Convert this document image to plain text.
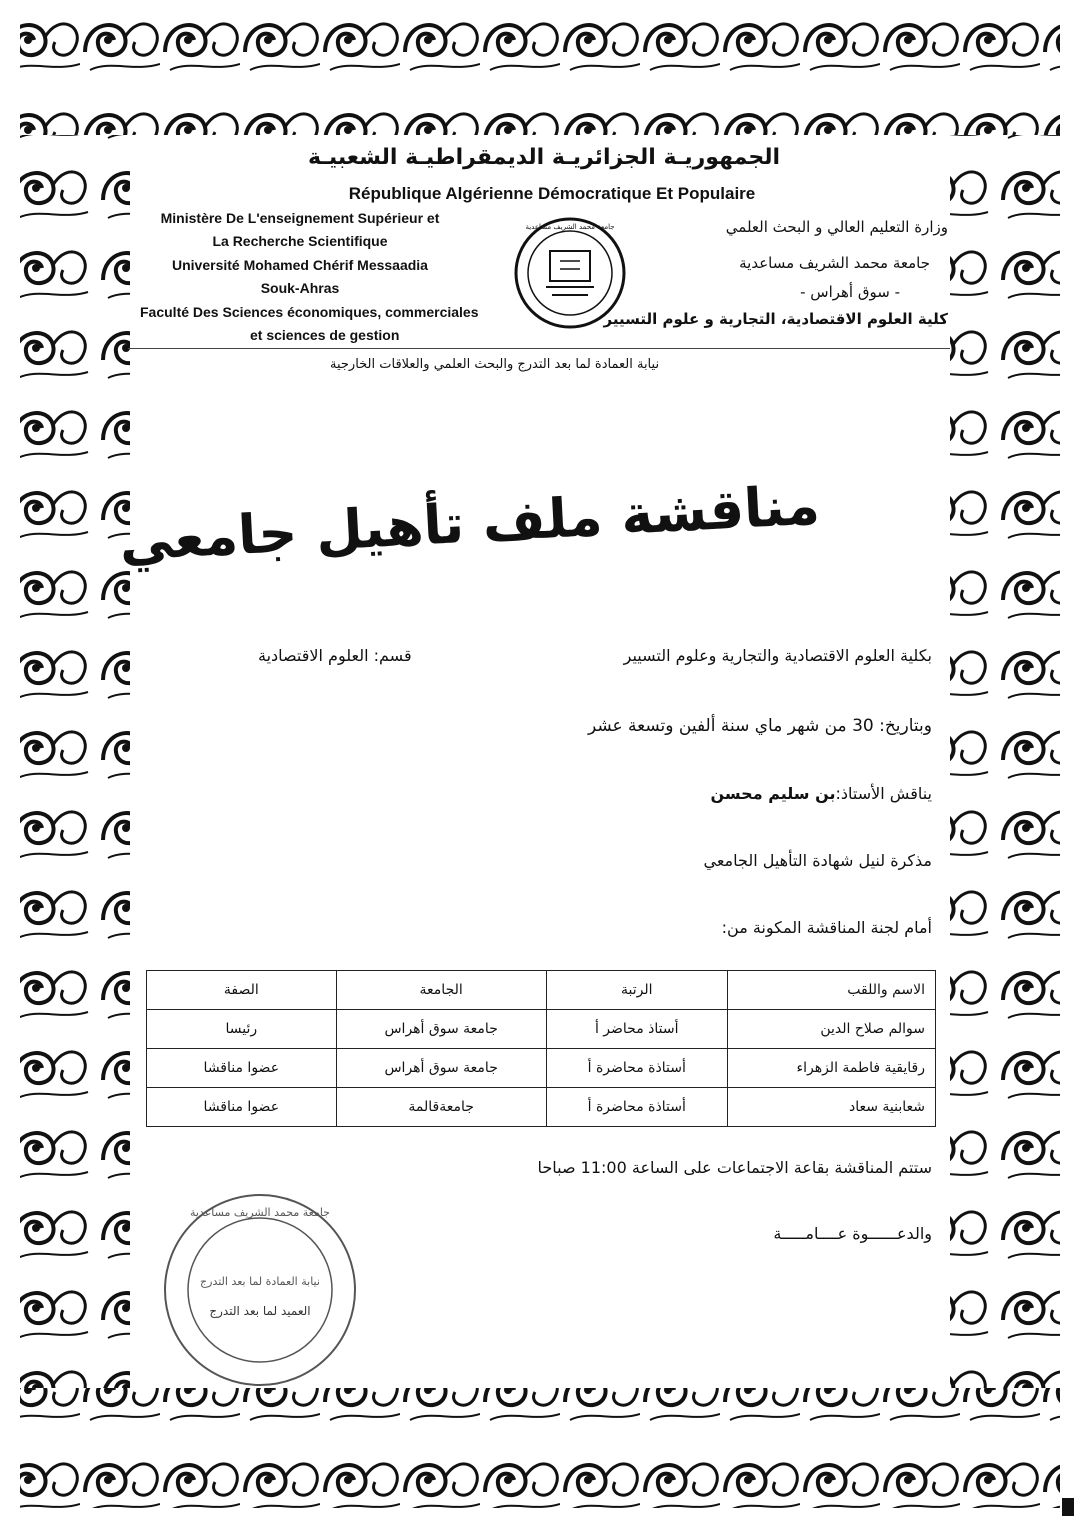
الجمهوريـة الجزائريـة الديمقراطيـة الشعبيـة
République Algérienne Démocratique Et Populaire
Ministère De L'enseignement Supérieur et
La Recherche Scientifique
Université Mohamed Chérif Messaadia
Souk-Ahras
Faculté Des Sciences économiques, commerciales
et sciences de gestion
وزارة التعليم العالي و البحث العلمي
جامعة محمد الشريف مساعدية
- سوق أهراس -
كلية العلوم الاقتصادية، التجارية و علوم التسيير
جامعة محمد الشريف مساعدية
نيابة العمادة لما بعد التدرج والبحث العلمي والعلاقات الخارجية
مناقشة ملف تأهيل جامعي
بكلية العلوم الاقتصادية والتجارية وعلوم التسيير
قسم: العلوم الاقتصادية
وبتاريخ: 30 من شهر ماي سنة ألفين وتسعة عشر
يناقش الأستاذ:بن سليم محسن
مذكرة لنيل شهادة التأهيل الجامعي
أمام لجنة المناقشة المكونة من:
الاسم واللقب	الرتبة	الجامعة	الصفة
سوالم صلاح الدين	أستاذ محاضر أ	جامعة سوق أهراس	رئيسا
رقايقية فاطمة الزهراء	أستاذة محاضرة أ	جامعة سوق أهراس	عضوا مناقشا
شعابنية سعاد	أستاذة محاضرة أ	جامعةقالمة	عضوا مناقشا
ستتم المناقشة بقاعة الاجتماعات على الساعة 11:00 صباحا
والدعــــــوة عــــامـــــة
جامعة محمد الشريف مساعدية
نيابة العمادة لما بعد التدرج
العميد لما بعد التدرج
